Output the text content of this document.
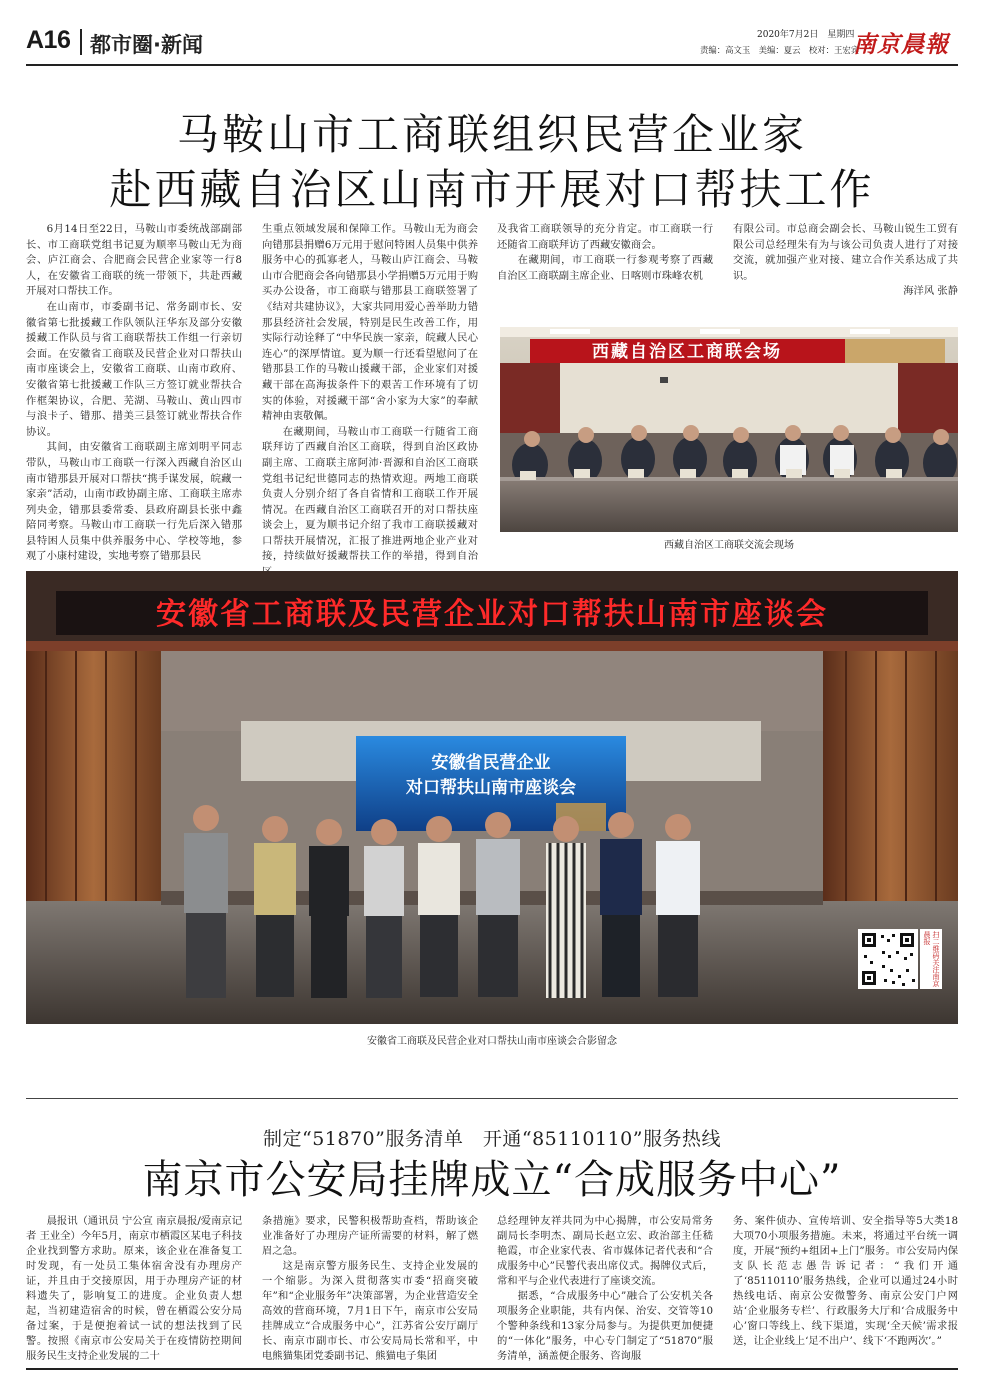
A16 都市圈·新闻	2020年7月2日　星期四
责编：高文玉　美编：夏云　校对：王宏宾
南京晨報
马鞍山市工商联组织民营企业家
赴西藏自治区山南市开展对口帮扶工作

6月14日至22日，马鞍山市委统战部副部长、市工商联党组书记夏为顺率马鞍山无为商会、庐江商会、合肥商会民营企业家等一行8人，在安徽省工商联的统一带领下，共赴西藏开展对口帮扶工作。

在山南市，市委副书记、常务副市长、安徽省第七批援藏工作队领队汪华东及部分安徽援藏工作队员与省工商联帮扶工作组一行亲切会面。在安徽省工商联及民营企业对口帮扶山南市座谈会上，安徽省工商联、山南市政府、安徽省第七批援藏工作队三方签订就业帮扶合作框架协议，合肥、芜湖、马鞍山、黄山四市与浪卡子、错那、措美三县签订就业帮扶合作协议。

其间，由安徽省工商联副主席刘明平同志带队，马鞍山市工商联一行深入西藏自治区山南市错那县开展对口帮扶“携手谋发展，皖藏一家亲”活动，山南市政协副主席、工商联主席赤列央金，错那县委常委、县政府副县长张中鑫陪同考察。马鞍山市工商联一行先后深入错那县特困人员集中供养服务中心、学校等地，参观了小康村建设，实地考察了错那县民

生重点领域发展和保障工作。马鞍山无为商会向错那县捐赠6万元用于慰问特困人员集中供养服务中心的孤寡老人，马鞍山庐江商会、马鞍山市合肥商会各向错那县小学捐赠5万元用于购买办公设备，市工商联与错那县工商联签署了《结对共建协议》，大家共同用爱心善举助力错那县经济社会发展，特别是民生改善工作，用实际行动诠释了“中华民族一家亲，皖藏人民心连心”的深厚情谊。夏为顺一行还看望慰问了在错那县工作的马鞍山援藏干部，企业家们对援藏干部在高海拔条件下的艰苦工作环境有了切实的体验，对援藏干部“舍小家为大家”的奉献精神由衷敬佩。

在藏期间，马鞍山市工商联一行随省工商联拜访了西藏自治区工商联，得到自治区政协副主席、工商联主席阿沛·晋源和自治区工商联党组书记纪世德同志的热情欢迎。两地工商联负责人分别介绍了各自省情和工商联工作开展情况。在西藏自治区工商联召开的对口帮扶座谈会上，夏为顺书记介绍了我市工商联援藏对口帮扶开展情况，汇报了推进两地企业产业对接，持续做好援藏帮扶工作的举措，得到自治

及我省工商联领导的充分肯定。市工商联一行还随省工商联拜访了西藏安徽商会。

在藏期间，市工商联一行参观考察了西藏自治区工商联副主席企业、日喀则市珠峰农机

有限公司。市总商会副会长、马鞍山锐生工贸有限公司总经理朱有为与该公司负责人进行了对接交流，就加强产业对接、建立合作关系达成了共识。

海洋风 张静

西藏自治区工商联会场
西藏自治区工商联交流会现场
安徽省工商联及民营企业对口帮扶山南市座谈会
安徽省民营企业
对口帮扶山南市座谈会
扫二维码关注南京晨报
安徽省工商联及民营企业对口帮扶山南市座谈会合影留念
制定“51870”服务清单　开通“85110110”服务热线
南京市公安局挂牌成立“合成服务中心”

晨报讯（通讯员 宁公宣 南京晨报/爱南京记者 王业全）今年5月，南京市栖霞区某电子科技企业找到警方求助。原来，该企业在准备复工时发现，有一处员工集体宿舍没有办理房产证，并且由于交接原因，用于办理房产证的材料遗失了，影响复工的进度。企业负责人想起，当初建造宿舍的时候，曾在栖霞公安分局备过案，于是便抱着试一试的想法找到了民警。按照《南京市公安局关于在疫情防控期间服务民生支持企业发展的二十

条措施》要求，民警积极帮助查档，帮助该企业准备好了办理房产证所需要的材料，解了燃眉之急。

这是南京警方服务民生、支持企业发展的一个缩影。为深入贯彻落实市委“招商突破年”和“企业服务年”决策部署，为企业营造安全高效的营商环境，7月1日下午，南京市公安局挂牌成立“合成服务中心”，江苏省公安厅副厅长、南京市副市长、市公安局局长常和平，中电熊猫集团党委副书记、熊猫电子集团

总经理钟友祥共同为中心揭牌，市公安局常务副局长李明杰、副局长赵立宏、政治部主任嵇艳霞，市企业家代表、省市媒体记者代表和“合成服务中心”民警代表出席仪式。揭牌仪式后，常和平与企业代表进行了座谈交流。

据悉，“合成服务中心”融合了公安机关各项服务企业职能，共有内保、治安、交管等10个警种条线和13家分局参与。为提供更加便捷的“一体化”服务，中心专门制定了“51870”服务清单，涵盖便企服务、咨询服

务、案件侦办、宣传培训、安全指导等5大类18大项70小项服务措施。未来，将通过平台统一调度，开展“预约+组团+上门”服务。市公安局内保支队长范志愚告诉记者：“我们开通了‘85110110’服务热线，企业可以通过24小时热线电话、南京公安微警务、南京公安门户网站‘企业服务专栏’、行政服务大厅和‘合成服务中心’窗口等线上、线下渠道，实现‘全天候’需求报送，让企业线上‘足不出户’、线下‘不跑两次’。”
